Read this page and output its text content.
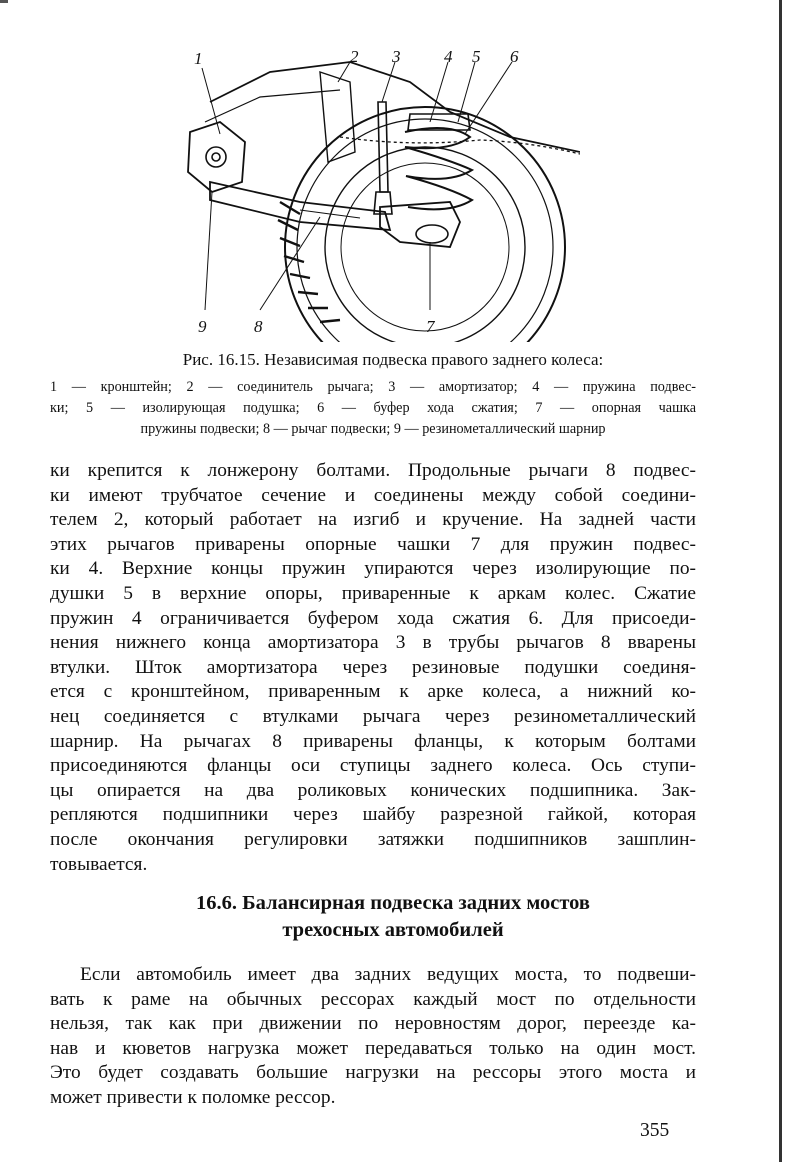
1	2 3	4 5 6
9	8	7
Рис. 16.15. Независимая подвеска правого заднего колеса:
1 — кронштейн; 2 — соединитель рычага; 3 — амортизатор; 4 — пружина подвес-
ки; 5 — изолирующая подушка; 6 — буфер хода сжатия; 7 — опорная чашка
пружины подвески; 8 — рычаг подвески; 9 — резинометаллический шарнир
ки крепится к лонжерону болтами. Продольные рычаги 8 подвес-
ки имеют трубчатое сечение и соединены между собой соедини-
телем 2, который работает на изгиб и кручение. На задней части
этих рычагов приварены опорные чашки 7 для пружин подвес-
ки 4. Верхние концы пружин упираются через изолирующие по-
душки 5 в верхние опоры, приваренные к аркам колес. Сжатие
пружин 4 ограничивается буфером хода сжатия 6. Для присоеди-
нения нижнего конца амортизатора 3 в трубы рычагов 8 вварены
втулки. Шток амортизатора через резиновые подушки соединя-
ется с кронштейном, приваренным к арке колеса, а нижний ко-
нец соединяется с втулками рычага через резинометаллический
шарнир. На рычагах 8 приварены фланцы, к которым болтами
присоединяются фланцы оси ступицы заднего колеса. Ось ступи-
цы опирается на два роликовых конических подшипника. Зак-
репляются подшипники через шайбу разрезной гайкой, которая
после окончания регулировки затяжки подшипников зашплин-
товывается.
16.6. Балансирная подвеска задних мостов
трехосных автомобилей
Если автомобиль имеет два задних ведущих моста, то подвеши-
вать к раме на обычных рессорах каждый мост по отдельности
нельзя, так как при движении по неровностям дорог, переезде ка-
нав и кюветов нагрузка может передаваться только на один мост.
Это будет создавать большие нагрузки на рессоры этого моста и
может привести к поломке рессор.
355
